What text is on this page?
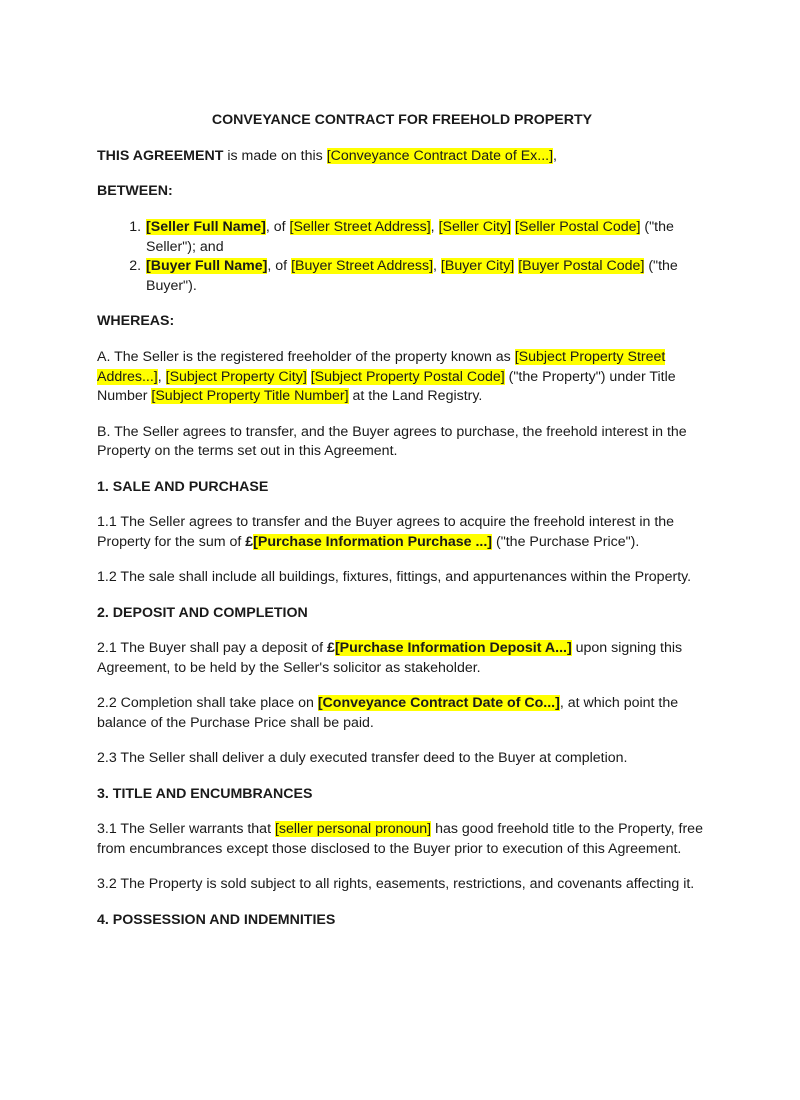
CONVEYANCE CONTRACT FOR FREEHOLD PROPERTY

THIS AGREEMENT is made on this [Conveyance Contract Date of Ex...],

BETWEEN:
1. [Seller Full Name], of [Seller Street Address], [Seller City] [Seller Postal Code] ("the Seller"); and
2. [Buyer Full Name], of [Buyer Street Address], [Buyer City] [Buyer Postal Code] ("the Buyer").
WHEREAS:

A. The Seller is the registered freeholder of the property known as [Subject Property Street Addres...], [Subject Property City] [Subject Property Postal Code] ("the Property") under Title Number [Subject Property Title Number] at the Land Registry.

B. The Seller agrees to transfer, and the Buyer agrees to purchase, the freehold interest in the Property on the terms set out in this Agreement.

1. SALE AND PURCHASE

1.1 The Seller agrees to transfer and the Buyer agrees to acquire the freehold interest in the Property for the sum of £[Purchase Information Purchase ...] ("the Purchase Price").

1.2 The sale shall include all buildings, fixtures, fittings, and appurtenances within the Property.

2. DEPOSIT AND COMPLETION

2.1 The Buyer shall pay a deposit of £[Purchase Information Deposit A...] upon signing this Agreement, to be held by the Seller's solicitor as stakeholder.

2.2 Completion shall take place on [Conveyance Contract Date of Co...], at which point the balance of the Purchase Price shall be paid.

2.3 The Seller shall deliver a duly executed transfer deed to the Buyer at completion.

3. TITLE AND ENCUMBRANCES

3.1 The Seller warrants that [seller personal pronoun] has good freehold title to the Property, free from encumbrances except those disclosed to the Buyer prior to execution of this Agreement.

3.2 The Property is sold subject to all rights, easements, restrictions, and covenants affecting it.

4. POSSESSION AND INDEMNITIES
